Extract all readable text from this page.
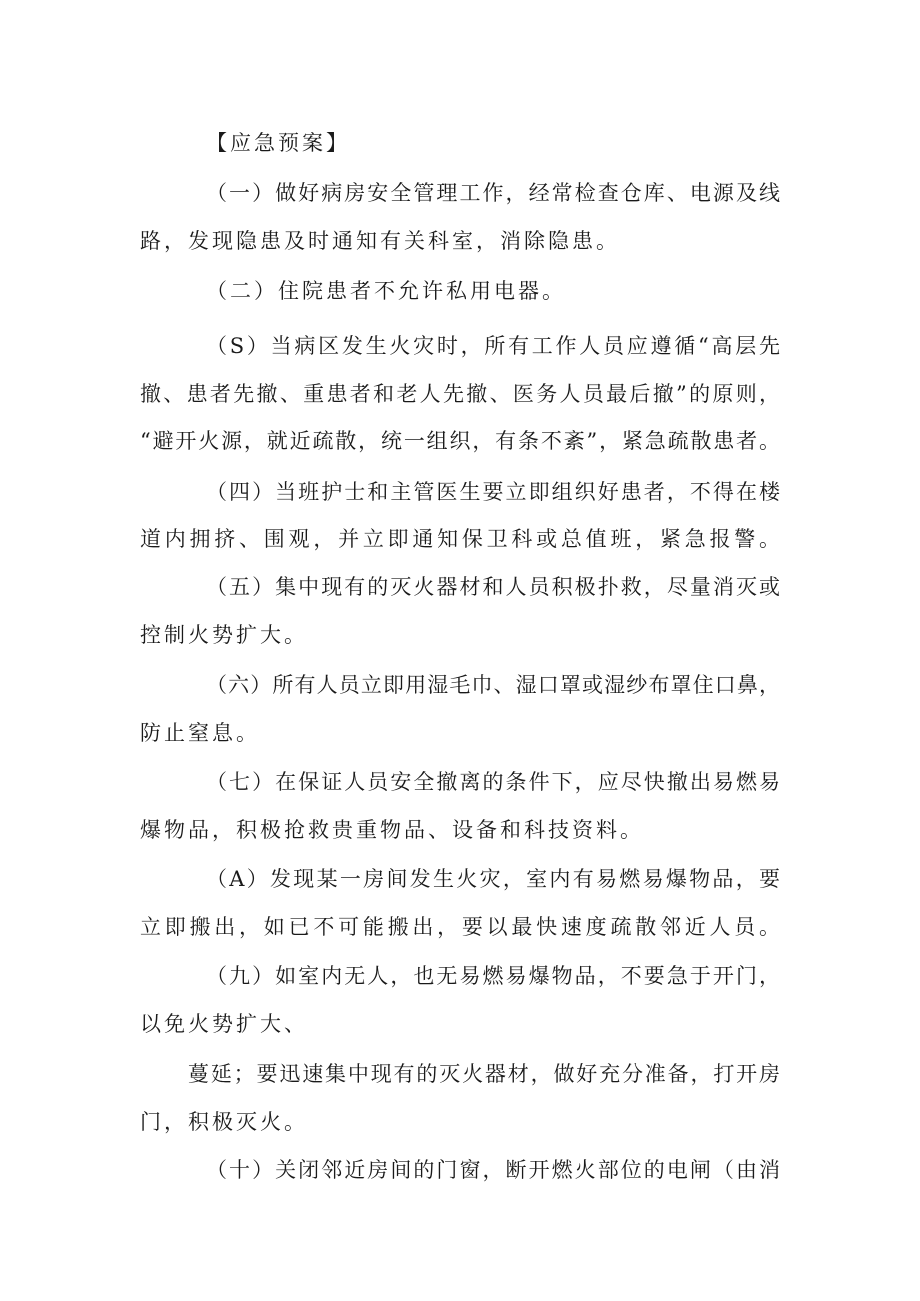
【应急预案】

（一）做好病房安全管理工作，经常检查仓库、电源及线

路，发现隐患及时通知有关科室，消除隐患。

（二）住院患者不允许私用电器。

（S）当病区发生火灾时，所有工作人员应遵循“高层先

撤、患者先撤、重患者和老人先撤、医务人员最后撤”的原则，

“避开火源，就近疏散，统一组织，有条不紊”，紧急疏散患者。

（四）当班护士和主管医生要立即组织好患者，不得在楼

道内拥挤、围观，并立即通知保卫科或总值班，紧急报警。

（五）集中现有的灭火器材和人员积极扑救，尽量消灭或

控制火势扩大。

（六）所有人员立即用湿毛巾、湿口罩或湿纱布罩住口鼻，

防止窒息。

（七）在保证人员安全撤离的条件下，应尽快撤出易燃易

爆物品，积极抢救贵重物品、设备和科技资料。

（A）发现某一房间发生火灾，室内有易燃易爆物品，要

立即搬出，如已不可能搬出，要以最快速度疏散邻近人员。

（九）如室内无人，也无易燃易爆物品，不要急于开门，

以免火势扩大、

蔓延；要迅速集中现有的灭火器材，做好充分准备，打开房

门，积极灭火。

（十）关闭邻近房间的门窗，断开燃火部位的电闸（由消
